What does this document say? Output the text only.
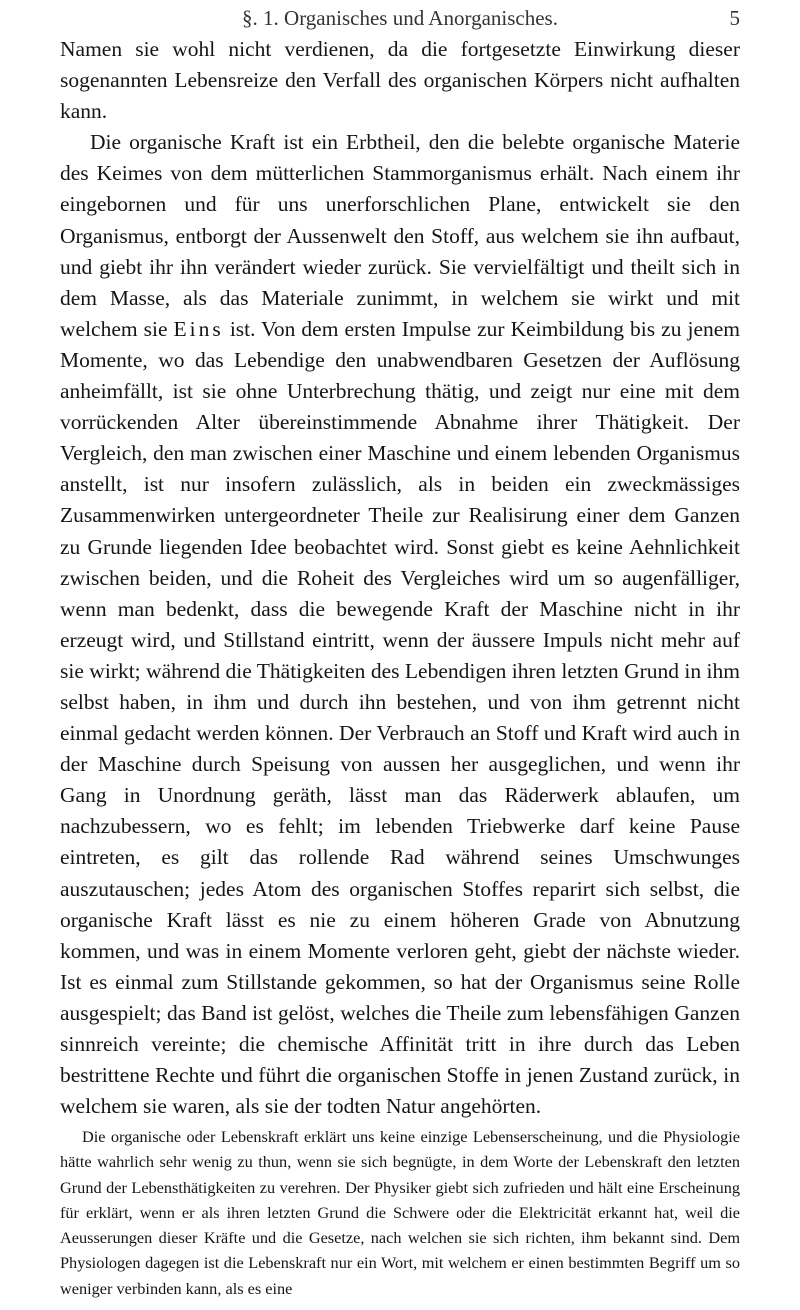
§. 1. Organisches und Anorganisches.	5

Namen sie wohl nicht verdienen, da die fortgesetzte Einwirkung dieser sogenannten Lebensreize den Verfall des organischen Körpers nicht aufhalten kann.

Die organische Kraft ist ein Erbtheil, den die belebte organische Materie des Keimes von dem mütterlichen Stammorganismus erhält. Nach einem ihr eingebornen und für uns unerforschlichen Plane, entwickelt sie den Organismus, entborgt der Aussenwelt den Stoff, aus welchem sie ihn aufbaut, und giebt ihr ihn verändert wieder zurück. Sie vervielfältigt und theilt sich in dem Masse, als das Materiale zunimmt, in welchem sie wirkt und mit welchem sie Eins ist. Von dem ersten Impulse zur Keimbildung bis zu jenem Momente, wo das Lebendige den unabwendbaren Gesetzen der Auflösung anheimfällt, ist sie ohne Unterbrechung thätig, und zeigt nur eine mit dem vorrückenden Alter übereinstimmende Abnahme ihrer Thätigkeit. Der Vergleich, den man zwischen einer Maschine und einem lebenden Organismus anstellt, ist nur insofern zulässlich, als in beiden ein zweckmässiges Zusammenwirken untergeordneter Theile zur Realisirung einer dem Ganzen zu Grunde liegenden Idee beobachtet wird. Sonst giebt es keine Aehnlichkeit zwischen beiden, und die Roheit des Vergleiches wird um so augenfälliger, wenn man bedenkt, dass die bewegende Kraft der Maschine nicht in ihr erzeugt wird, und Stillstand eintritt, wenn der äussere Impuls nicht mehr auf sie wirkt; während die Thätigkeiten des Lebendigen ihren letzten Grund in ihm selbst haben, in ihm und durch ihn bestehen, und von ihm getrennt nicht einmal gedacht werden können. Der Verbrauch an Stoff und Kraft wird auch in der Maschine durch Speisung von aussen her ausgeglichen, und wenn ihr Gang in Unordnung geräth, lässt man das Räderwerk ablaufen, um nachzubessern, wo es fehlt; im lebenden Triebwerke darf keine Pause eintreten, es gilt das rollende Rad während seines Umschwunges auszutauschen; jedes Atom des organischen Stoffes reparirt sich selbst, die organische Kraft lässt es nie zu einem höheren Grade von Abnutzung kommen, und was in einem Momente verloren geht, giebt der nächste wieder. Ist es einmal zum Stillstande gekommen, so hat der Organismus seine Rolle ausgespielt; das Band ist gelöst, welches die Theile zum lebensfähigen Ganzen sinnreich vereinte; die chemische Affinität tritt in ihre durch das Leben bestrittene Rechte und führt die organischen Stoffe in jenen Zustand zurück, in welchem sie waren, als sie der todten Natur angehörten.

Die organische oder Lebenskraft erklärt uns keine einzige Lebenserscheinung, und die Physiologie hätte wahrlich sehr wenig zu thun, wenn sie sich begnügte, in dem Worte der Lebenskraft den letzten Grund der Lebensthätigkeiten zu verehren. Der Physiker giebt sich zufrieden und hält eine Erscheinung für erklärt, wenn er als ihren letzten Grund die Schwere oder die Elektricität erkannt hat, weil die Aeusserungen dieser Kräfte und die Gesetze, nach welchen sie sich richten, ihm bekannt sind. Dem Physiologen dagegen ist die Lebenskraft nur ein Wort, mit welchem er einen bestimmten Begriff um so weniger verbinden kann, als es eine
